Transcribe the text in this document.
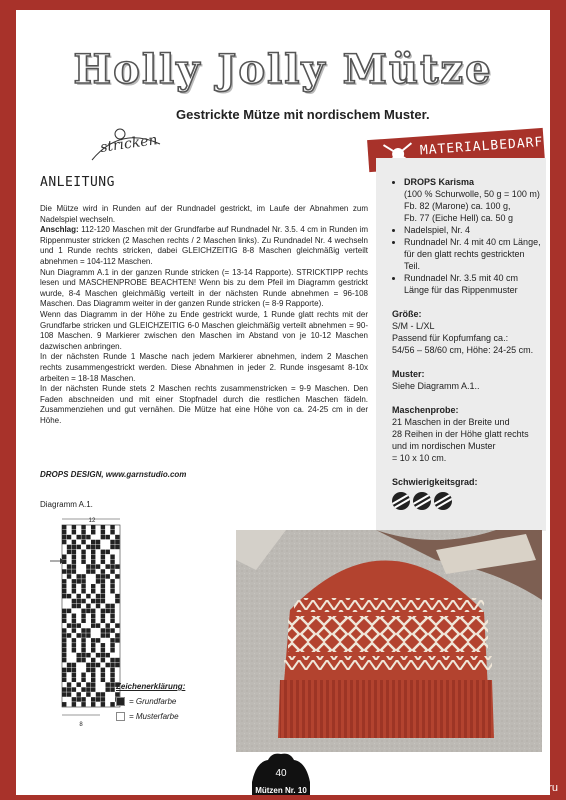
Holly Jolly Mütze
Gestrickte Mütze mit nordischem Muster.
stricken	MATERIALBEDARF
• DROPS Karisma
(100 % Schurwolle, 50 g = 100 m)
Fb. 82 (Marone) ca. 100 g,
Fb. 77 (Eiche Hell) ca. 50 g
• Nadelspiel, Nr. 4
• Rundnadel Nr. 4 mit 40 cm Länge, für den glatt rechts gestrickten Teil.
• Rundnadel Nr. 3.5 mit 40 cm Länge für das Rippenmuster
Größe:
S/M - L/XL
Passend für Kopfumfang ca.:
54/56 – 58/60 cm, Höhe: 24-25 cm.
Muster:
Siehe Diagramm A.1..
Maschenprobe:
21 Maschen in der Breite und
28 Reihen in der Höhe glatt rechts
und im nordischen Muster
= 10 x 10 cm.
Schwierigkeitsgrad:
ANLEITUNG

Die Mütze wird in Runden auf der Rundnadel gestrickt, im Laufe der Abnahmen zum Nadelspiel wechseln.

Anschlag: 112-120 Maschen mit der Grundfarbe auf Rundnadel Nr. 3.5. 4 cm in Runden im Rippenmuster stricken (2 Maschen rechts / 2 Maschen links). Zu Rundnadel Nr. 4 wechseln und 1 Runde rechts stricken, dabei GLEICHZEITIG 8-8 Maschen gleichmäßig verteilt abnehmen = 104-112 Maschen.

Nun Diagramm A.1 in der ganzen Runde stricken (= 13-14 Rapporte). STRICKTIPP rechts lesen und MASCHENPROBE BEACHTEN! Wenn bis zu dem Pfeil im Diagramm gestrickt wurde, 8-4 Maschen gleichmäßig verteilt in der nächsten Runde abnehmen = 96-108 Maschen. Das Diagramm weiter in der ganzen Runde stricken (= 8-9 Rapporte).

Wenn das Diagramm in der Höhe zu Ende gestrickt wurde, 1 Runde glatt rechts mit der Grundfarbe stricken und GLEICHZEITIG 6-0 Maschen gleichmäßig verteilt abnehmen = 90-108 Maschen. 9 Markierer zwischen den Maschen im Abstand von je 10-12 Maschen dazwischen anbringen.

In der nächsten Runde 1 Masche nach jedem Markierer abnehmen, indem 2 Maschen rechts zusammengestrickt werden. Diese Abnahmen in jeder 2. Runde insgesamt 8-10x arbeiten = 18-18 Maschen.

In der nächsten Runde stets 2 Maschen rechts zusammenstricken = 9-9 Maschen. Den Faden abschneiden und mit einer Stopfnadel durch die restlichen Maschen fädeln. Zusammenziehen und gut vernähen. Die Mütze hat eine Höhe von ca. 24-25 cm in der Höhe.

DROPS DESIGN, www.garnstudio.com
Diagramm A.1.
12
8
Zeichenerklärung:
= Grundfarbe
= Musterfarbe
40
Mützen Nr. 10	PassionForum.ru
